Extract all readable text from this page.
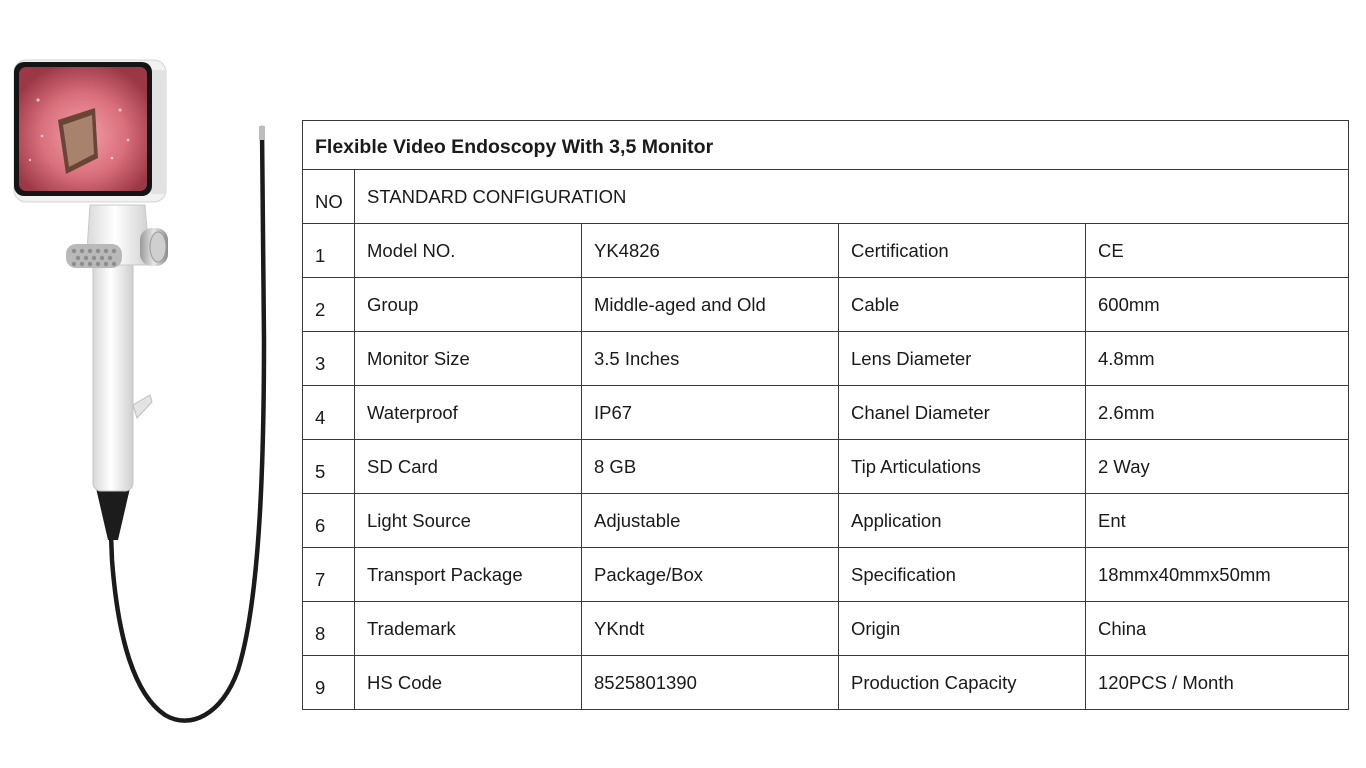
Flexible Video Endoscopy With 3,5 Monitor				
NO	STANDARD CONFIGURATION			
1	Model NO.	YK4826	Certification	CE
2	Group	Middle-aged and Old	Cable	600mm
3	Monitor Size	3.5 Inches	Lens Diameter	4.8mm
4	Waterproof	IP67	Chanel Diameter	2.6mm
5	SD Card	8 GB	Tip Articulations	2 Way
6	Light Source	Adjustable	Application	Ent
7	Transport Package	Package/Box	Specification	18mmx40mmx50mm
8	Trademark	YKndt	Origin	China
9	HS Code	8525801390	Production Capacity	120PCS / Month
